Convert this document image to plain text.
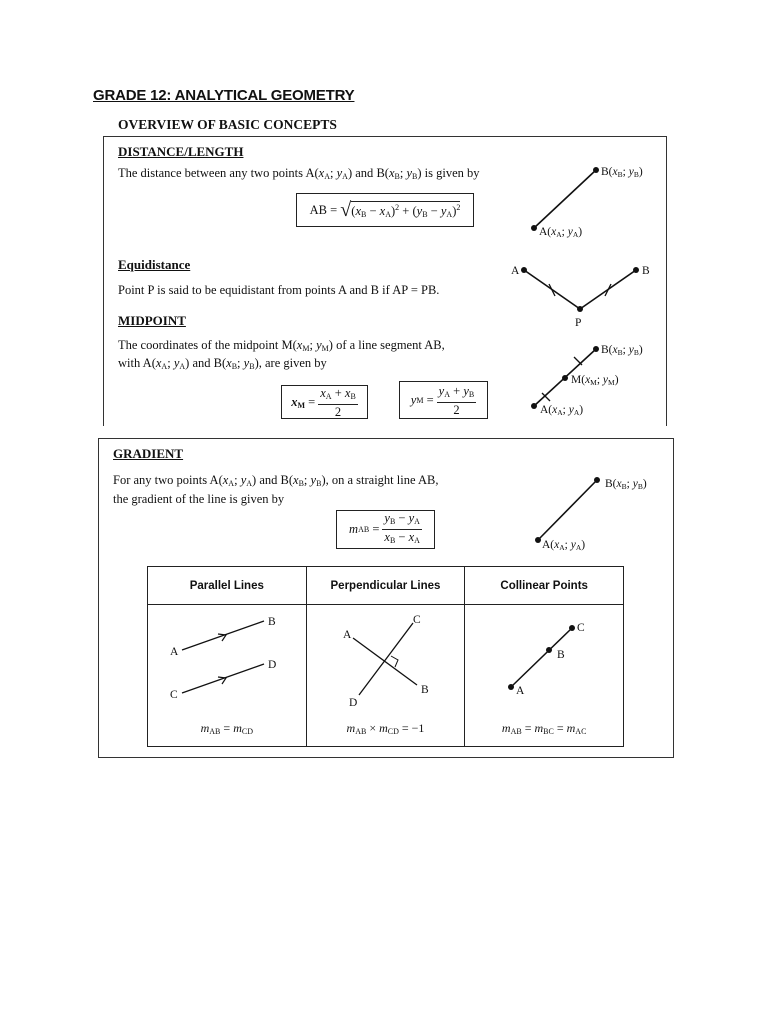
GRADE 12: ANALYTICAL GEOMETRY
OVERVIEW OF BASIC CONCEPTS
DISTANCE/LENGTH
The distance between any two points $A(x_A$; $y_A$) and $B(x_B$; $y_B$) is given by
AB = √ $(x_B - x_A)^2 + (y_B - y_A)^2$
B(xB; yB)
A(xA; yA)
Equidistance
Point P is said to be equidistant from points A and B if AP = PB.
A	B
P
MIDPOINT
The coordinates of the midpoint $M(x_M$; $y_M$) of a line segment AB,
with $A(x_A$; $y_A$) and $B(x_B$; $y_B$), are given by
$x_M = \frac{x_A + x_B}{2}$	y $M = \frac{y_A + y_B}{2}$
B(xB; yB)
M(xM; yM)
A(xA; yA)
GRADIENT
For any two points $A(x_A$; $y_A$) and $B(x_B$; $y_B$), on a straight line AB,
the gradient of the line is given by
m AB = $\frac{y_B - y_A}{x_B - x_A}$
B(xB; yB)
A(xA; yA)
Parallel Lines	Perpendicular Lines	Collinear Points

A
B
C
D
$m_{AB} = m_{CD}$	A
B
C
D
$m_{AB} \times m_{CD} = -1$	A
B
C
$m_{AB} = m_{BC} = m_{AC}$
